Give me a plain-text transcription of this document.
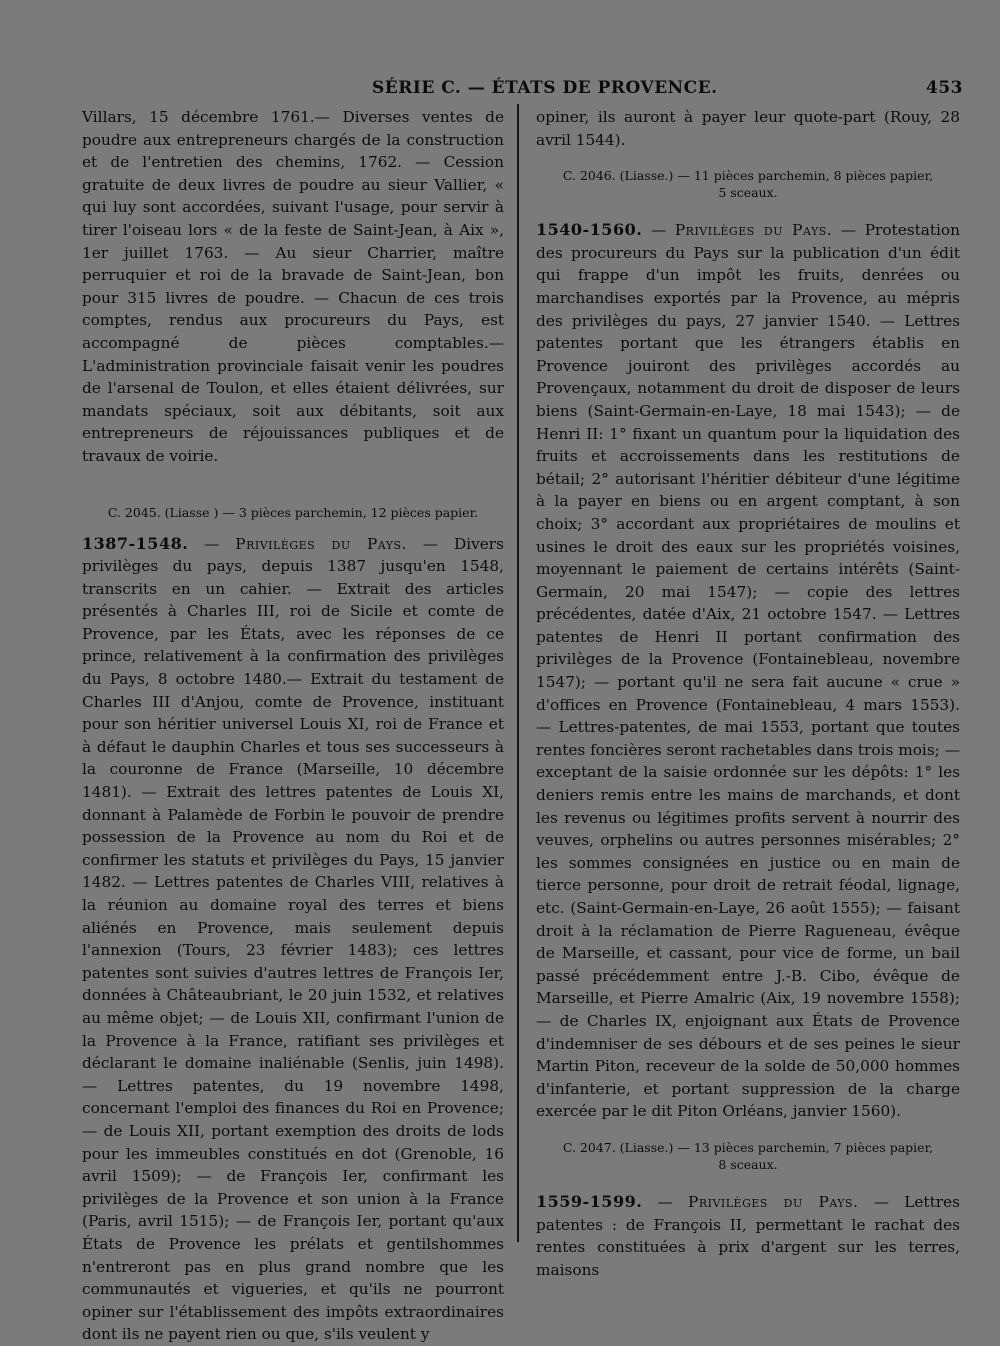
SÉRIE C. — ÉTATS DE PROVENCE.	453

Villars, 15 décembre 1761.— Diverses ventes de poudre aux entrepreneurs chargés de la construction et de l'entretien des chemins, 1762. — Cession gratuite de deux livres de poudre au sieur Vallier, « qui luy sont accordées, suivant l'usage, pour servir à tirer l'oiseau lors « de la feste de Saint-Jean, à Aix », 1er juillet 1763. — Au sieur Charrier, maître perruquier et roi de la bravade de Saint-Jean, bon pour 315 livres de poudre. — Chacun de ces trois comptes, rendus aux procureurs du Pays, est accompagné de pièces comptables.— L'administration provinciale faisait venir les poudres de l'arsenal de Toulon, et elles étaient délivrées, sur mandats spéciaux, soit aux débitants, soit aux entrepreneurs de réjouissances publiques et de travaux de voirie.

C. 2045. (Liasse ) — 3 pièces parchemin, 12 pièces papier.

1387-1548. — Privilèges du Pays. — Divers privilèges du pays, depuis 1387 jusqu'en 1548, transcrits en un cahier. — Extrait des articles présentés à Charles III, roi de Sicile et comte de Provence, par les États, avec les réponses de ce prince, relativement à la confirmation des privilèges du Pays, 8 octobre 1480.— Extrait du testament de Charles III d'Anjou, comte de Provence, instituant pour son héritier universel Louis XI, roi de France et à défaut le dauphin Charles et tous ses successeurs à la couronne de France (Marseille, 10 décembre 1481). — Extrait des lettres patentes de Louis XI, donnant à Palamède de Forbin le pouvoir de prendre possession de la Provence au nom du Roi et de confirmer les statuts et privilèges du Pays, 15 janvier 1482. — Lettres patentes de Charles VIII, relatives à la réunion au domaine royal des terres et biens aliénés en Provence, mais seulement depuis l'annexion (Tours, 23 février 1483); ces lettres patentes sont suivies d'autres lettres de François Ier, données à Châteaubriant, le 20 juin 1532, et relatives au même objet; — de Louis XII, confirmant l'union de la Provence à la France, ratifiant ses privilèges et déclarant le domaine inaliénable (Senlis, juin 1498). — Lettres patentes, du 19 novembre 1498, concernant l'emploi des finances du Roi en Provence; — de Louis XII, portant exemption des droits de lods pour les immeubles constitués en dot (Grenoble, 16 avril 1509); — de François Ier, confirmant les privilèges de la Provence et son union à la France (Paris, avril 1515); — de François Ier, portant qu'aux États de Provence les prélats et gentilshommes n'entreront pas en plus grand nombre que les communautés et vigueries, et qu'ils ne pourront opiner sur l'établissement des impôts extraordinaires dont ils ne payent rien ou que, s'ils veulent y

opiner, ils auront à payer leur quote-part (Rouy, 28 avril 1544).

C. 2046. (Liasse.) — 11 pièces parchemin, 8 pièces papier,
5 sceaux.

1540-1560. — Privilèges du Pays. — Protestation des procureurs du Pays sur la publication d'un édit qui frappe d'un impôt les fruits, denrées ou marchandises exportés par la Provence, au mépris des privilèges du pays, 27 janvier 1540. — Lettres patentes portant que les étrangers établis en Provence jouiront des privilèges accordés au Provençaux, notamment du droit de disposer de leurs biens (Saint-Germain-en-Laye, 18 mai 1543); — de Henri II: 1° fixant un quantum pour la liquidation des fruits et accroissements dans les restitutions de bétail; 2° autorisant l'héritier débiteur d'une légitime à la payer en biens ou en argent comptant, à son choix; 3° accordant aux propriétaires de moulins et usines le droit des eaux sur les propriétés voisines, moyennant le paiement de certains intérêts (Saint-Germain, 20 mai 1547); — copie des lettres précédentes, datée d'Aix, 21 octobre 1547. — Lettres patentes de Henri II portant confirmation des privilèges de la Provence (Fontainebleau, novembre 1547); — portant qu'il ne sera fait aucune « crue » d'offices en Provence (Fontainebleau, 4 mars 1553). — Lettres-patentes, de mai 1553, portant que toutes rentes foncières seront rachetables dans trois mois; — exceptant de la saisie ordonnée sur les dépôts: 1° les deniers remis entre les mains de marchands, et dont les revenus ou légitimes profits servent à nourrir des veuves, orphelins ou autres personnes misérables; 2° les sommes consignées en justice ou en main de tierce personne, pour droit de retrait féodal, lignage, etc. (Saint-Germain-en-Laye, 26 août 1555); — faisant droit à la réclamation de Pierre Ragueneau, évêque de Marseille, et cassant, pour vice de forme, un bail passé précédemment entre J.-B. Cibo, évêque de Marseille, et Pierre Amalric (Aix, 19 novembre 1558); — de Charles IX, enjoignant aux États de Provence d'indemniser de ses débours et de ses peines le sieur Martin Piton, receveur de la solde de 50,000 hommes d'infanterie, et portant suppression de la charge exercée par le dit Piton Orléans, janvier 1560).

C. 2047. (Liasse.) — 13 pièces parchemin, 7 pièces papier,
8 sceaux.

1559-1599. — Privilèges du Pays. — Lettres patentes : de François II, permettant le rachat des rentes constituées à prix d'argent sur les terres, maisons
